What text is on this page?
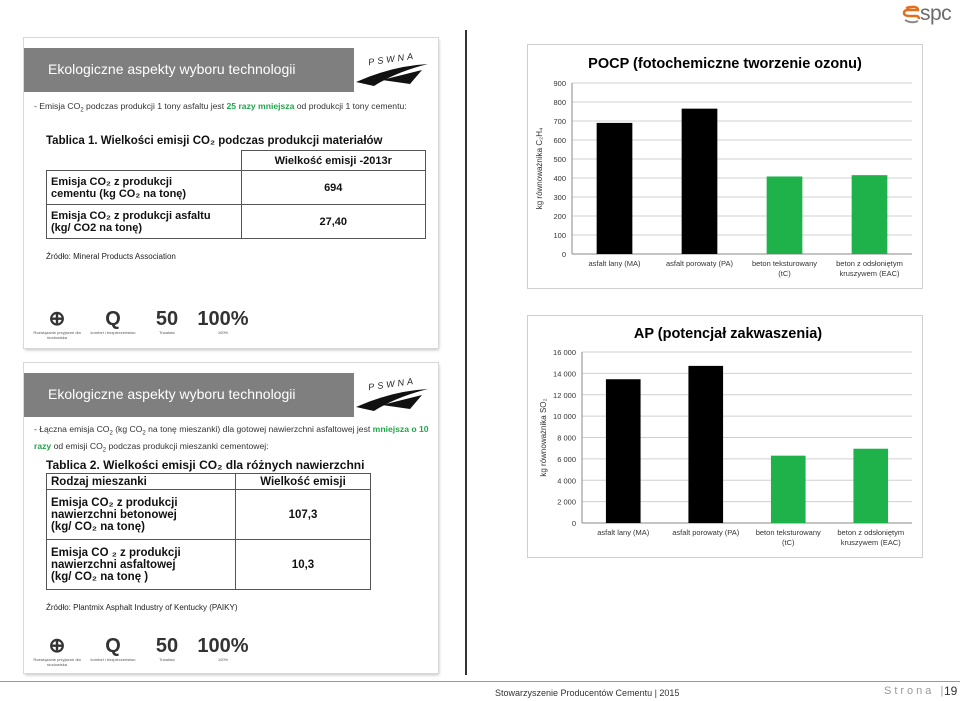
spc
Ekologiczne aspekty wyboru technologii
PSWNA
- Emisja $CO_2$ podczas produkcji 1 tony asfaltu jest 25 razy mniejsza od produkcji 1 tony cementu:
Tablica 1. Wielkości emisji CO₂ podczas produkcji materiałów
	Wielkość emisji -2013r

Emisja CO₂ z produkcji
cementu (kg CO₂ na tonę)	694

Emisja CO₂ z produkcji asfaltu
(kg/ CO2 na tonę)	27,40
Źródło: Mineral Products Association
⊕
Rozwiązanie przyjazne dla środowiska
Q
komfort i bezpieczeństwo
50
Trwałość
100%
100%
Ekologiczne aspekty wyboru technologii
PSWNA
- Łączna emisja $CO_2$ (kg $CO_2$ na tonę mieszanki) dla gotowej nawierzchni asfaltowej jest mniejsza o 10 razy od emisji $CO_2$ podczas produkcji mieszanki cementowej:
Tablica 2. Wielkości emisji CO₂ dla różnych nawierzchni
Rodzaj mieszanki	Wielkość emisji

Emisja CO₂ z produkcji
nawierzchni betonowej
(kg/ CO₂ na tonę)	107,3

Emisja CO ₂ z produkcji
nawierzchni asfaltowej
(kg/ CO₂ na tonę )	10,3
Źródło: Plantmix Asphalt Industry of Kentucky (PAIKY)
⊕
Rozwiązanie przyjazne dla środowiska
Q
komfort i bezpieczeństwo
50
Trwałość
100%
100%
POCP (fotochemiczne tworzenie ozonu)
0
100
200
300
400
500
600
700
800
900
kg równoważnika C₂H₄
asfalt lany (MA)	asfalt porowaty (PA)	beton teksturowany
(tC)
beton z odsłoniętym
kruszywem (EAC)
AP (potencjał zakwaszenia)
0
2 000
4 000
6 000
8 000
10 000
12 000
14 000
16 000
kg równoważnika SO₂
asfalt lany (MA)	asfalt porowaty (PA) beton teksturowany
(tC)
beton z odsłoniętym
kruszywem (EAC)
Stowarzyszenie Producentów Cementu | 2015	Strona |
19
